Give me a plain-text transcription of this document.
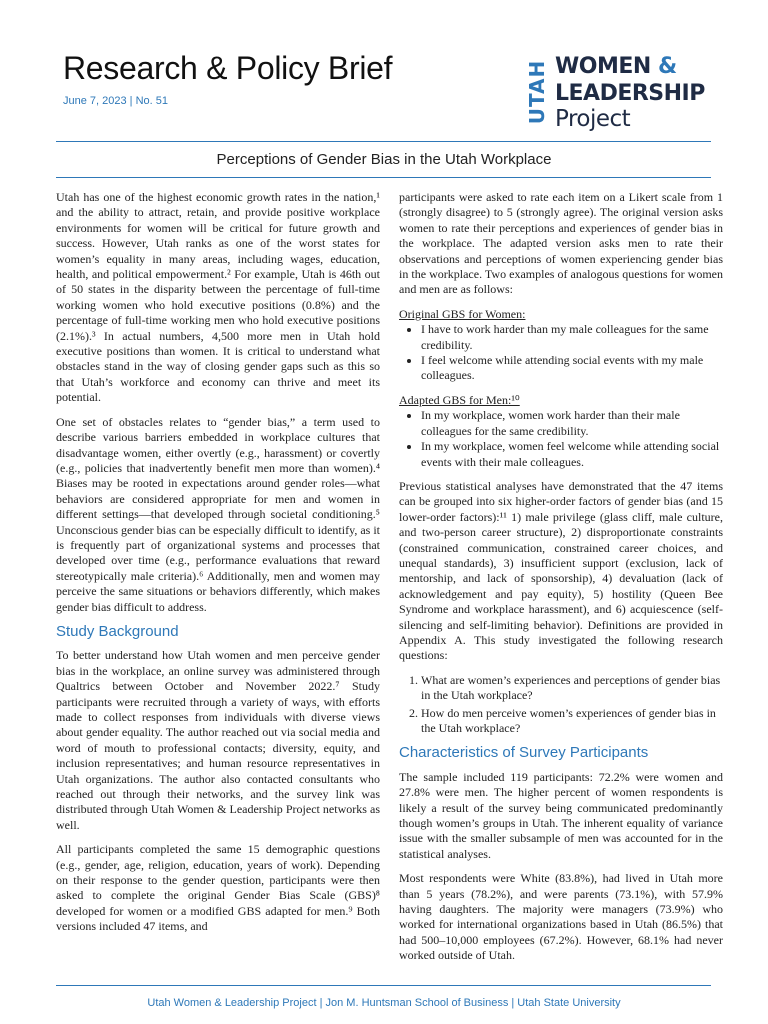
Research & Policy Brief
June 7, 2023 | No. 51	UTAH WOMEN &
LEADERSHIP
Project
Perceptions of Gender Bias in the Utah Workplace

Utah has one of the highest economic growth rates in the nation,¹ and the ability to attract, retain, and provide positive workplace environments for women will be critical for future growth and success. However, Utah ranks as one of the worst states for women’s equality in many areas, including wages, education, health, and political empowerment.² For example, Utah is 46th out of 50 states in the disparity between the percentage of full-time working women who hold executive positions (0.8%) and the percentage of full-time working men who hold executive positions (2.1%).³ In actual numbers, 4,500 more men in Utah hold executive positions than women. It is critical to understand what obstacles stand in the way of closing gender gaps such as this so that Utah’s workforce and economy can thrive and meet its potential.

One set of obstacles relates to “gender bias,” a term used to describe various barriers embedded in workplace cultures that disadvantage women, either overtly (e.g., harassment) or covertly (e.g., policies that inadvertently benefit men more than women).⁴ Biases may be rooted in expectations around gender roles—what behaviors are considered appropriate for men and women in different settings—that developed through societal conditioning.⁵ Unconscious gender bias can be especially difficult to identify, as it is frequently part of organizational systems and processes that developed over time (e.g., performance evaluations that reward stereotypically male criteria).⁶ Additionally, men and women may perceive the same situations or behaviors differently, which makes gender bias difficult to address.

Study Background

To better understand how Utah women and men perceive gender bias in the workplace, an online survey was administered through Qualtrics between October and November 2022.⁷ Study participants were recruited through a variety of ways, with efforts made to collect responses from individuals with diverse views about gender equality. The author reached out via social media and word of mouth to professional contacts; diversity, equity, and inclusion representatives; and human resource representatives in Utah organizations. The author also contacted consultants who reached out through their networks, and the survey link was distributed through Utah Women & Leadership Project networks as well.

All participants completed the same 15 demographic questions (e.g., gender, age, religion, education, years of work). Depending on their response to the gender question, participants were then asked to complete the original Gender Bias Scale (GBS)⁸ developed for women or a modified GBS adapted for men.⁹ Both versions included 47 items, and

participants were asked to rate each item on a Likert scale from 1 (strongly disagree) to 5 (strongly agree). The original version asks women to rate their perceptions and experiences of gender bias in the workplace. The adapted version asks men to rate their observations and perceptions of women experiencing gender bias in the workplace. Two examples of analogous questions for women and men are as follows:

Original GBS for Women:

• I have to work harder than my male colleagues for the same credibility.
• I feel welcome while attending social events with my male colleagues.

Adapted GBS for Men:¹⁰

• In my workplace, women work harder than their male colleagues for the same credibility.
• In my workplace, women feel welcome while attending social events with their male colleagues.

Previous statistical analyses have demonstrated that the 47 items can be grouped into six higher-order factors of gender bias (and 15 lower-order factors):¹¹ 1) male privilege (glass cliff, male culture, and two-person career structure), 2) disproportionate constraints (constrained communication, constrained career choices, and unequal standards), 3) insufficient support (exclusion, lack of mentorship, and lack of sponsorship), 4) devaluation (lack of acknowledgement and pay equity), 5) hostility (Queen Bee Syndrome and workplace harassment), and 6) acquiescence (self-silencing and self-limiting behavior). Definitions are provided in Appendix A. This study investigated the following research questions:

1. What are women’s experiences and perceptions of gender bias in the Utah workplace?
2. How do men perceive women’s experiences of gender bias in the Utah workplace?
Characteristics of Survey Participants

The sample included 119 participants: 72.2% were women and 27.8% were men. The higher percent of women respondents is likely a result of the survey being communicated predominantly though women’s groups in Utah. The inherent equality of variance issue with the smaller subsample of men was accounted for in the statistical analyses.

Most respondents were White (83.8%), had lived in Utah more than 5 years (78.2%), and were parents (73.1%), with 57.9% having daughters. The majority were managers (73.9%) who worked for international organizations based in Utah (86.5%) that had 500–10,000 employees (67.2%). However, 68.1% had never worked outside of Utah.

Utah Women & Leadership Project | Jon M. Huntsman School of Business | Utah State University
